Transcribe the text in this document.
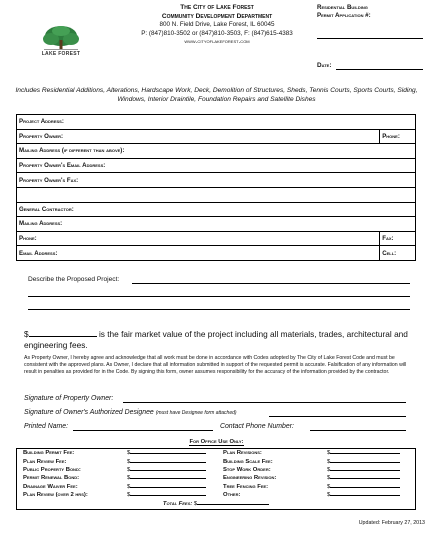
LAKE FOREST
The City of Lake Forest
Community Development Department
800 N. Field Drive, Lake Forest, IL 60045
P: (847)810-3502 or (847)810-3503, F: (847)615-4383
www.cityoflakeforest.com
Residential Building
Permit Application #:
Date:
Includes Residential Additions, Alterations, Hardscape Work, Deck, Demolition of Structures, Sheds, Tennis Courts, Sports Courts, Siding, Windows, Interior Draintile, Foundation Repairs and Satellite Dishes
Project Address:	
Property Owner:	Phone:
Mailing Address (if different than above):	
Property Owner's Email Address:	
Property Owner's Fax:	

General Contractor:	
Mailing Address:	
Phone:	Fax:
Email Address:	Cell:
Describe the Proposed Project:
$	is the fair market value of the project including all materials, trades, architectural and engineering fees.
As Property Owner, I hereby agree and acknowledge that all work must be done in accordance with Codes adopted by The City of Lake Forest Code and must be consistent with the approved plans. As Owner, I declare that all information submitted in support of the requested permit is accurate. Falsification of any information will result in penalties as provided for in the Code. By signing this form, owner assumes responsibility for the accuracy of the information provided by the contractor.
Signature of Property Owner:
Signature of Owner's Authorized Designee (must have Designee form attached)
Printed Name:	Contact Phone Number:
For Office Use Only:
Building Permit Fee:	$	Plan Revisions:	$
Plan Review Fee:	$	Building Scale Fee:	$
Public Property Bond:	$	Stop Work Order:	$
Permit Renewal Bond:	$	Engineering Revision:	$
Drainage Waiver Fee:	$	Tree Fencing Fee:	$
Plan Review (over 2 hrs):	$	Other:	$
Total Fees: $			
Updated: February 27, 2013
